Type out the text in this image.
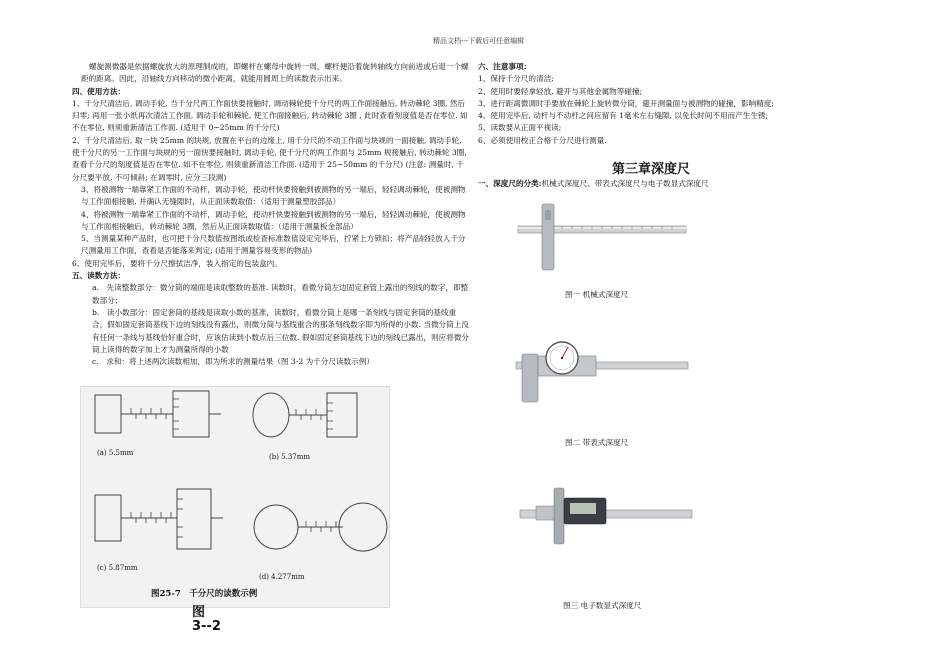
精品文档---下载后可任意编辑

螺旋测微器是依据螺旋放大的原理制成的，即螺杆在螺母中旋转一周，螺杆便沿着旋转轴线方向前进或后退一个螺距的距离。因此，沿轴线方向移动的微小距离，就能用圆周上的读数表示出来。

四、使用方法：

1、千分尺清洁后, 调动手轮, 当千分尺两工作面快要接触时, 调动棘轮使千分尺的两工作面接触后, 转动棘轮 3圈, 然后归零; 再用一张小纸再次清洁工作面, 调动手轮和棘轮, 使工作面接触后, 转动棘轮 3圈 , 此时查看刻度值是否在零位. 如不在零位, 则须重新清洁工作面. (适用于 0~25mm 的千分尺)

2、千分尺清洁后, 取一块 25mm 的块规, 放置在平台的边缘上, 用千分尺的不动工作面与块规的一面接触, 调动手轮, 使千分尺的另一工作面与块规的另一面快要接触时, 调动手轮, 使千分尺的两工作面与 25mm 规接触后, 转动棘轮 3圈, 查看千分尺的刻度值是否在零位. 如不在零位, 则须重新清洁工作面. (适用于 25~50mm 的千分尺) (注意: 测量时, 千分尺要平放, 不可倾斜; 在调零时, 应分三段测)

3、将被测物一端靠紧工作面的不动杆，调动手轮，使动杆快要接触到被测物的另一端后，轻轻调动棘轮，使被测物与工作面相接触, 并确认无缝隙时，从正面读数取值：（适用于测量塑胶部品）

4、将被测物一端靠紧工作面的不动杆，调动手轮，使动杆快要接触到被测物的另一端后，轻轻调动棘轮，使被测物与工作面相接触后，转动棘轮 3圈，然后从正面读数取值：（适用于测量板金部品）

5、当测量某种产品时，也可把千分尺数值按图纸或检查标准数值设定完毕后，拧紧上方锁扣；将产品轻轻放入千分尺测量用工作面，查看是否能落来判定; (适用于测量容易变形的物品)

6、使用完毕后，要将千分尺擦拭洁净，装入指定的包装盒内。

五、读数方法：

a.　先读整数部分：微分筒的端面是读取整数的基准. 读数时，看微分筒左边固定套管上露出的刻线的数字，即整数部分；

b.　读小数部分：固定套筒的基线是读取小数的基准，读数时，看微分筒上是哪一条刻线与固定套筒的基线重合，假如固定套筒基线下边的刻线没有露出，则微分筒与基线重合的那条刻线数字即为所得的小数. 当微分筒上没有任何一条线与基线恰好重合时，应该估读到小数点后三位数. 假如固定套筒基线下边的刻线已露出，则应将微分筒上读得的数字加上才为测量所得的小数

c.　求和：将上述两次读数相加，即为所求的测量结果（图 3-2 为千分尺读数示例）

(a) 5.5mm	(b) 5.37mm
(c) 5.87mm
(d) 4.277mm
图25-7　千分尺的读数示例
图 3--2

六、注意事项：

1、保持千分尺的清洁;

2、使用时要轻拿轻放, 避开与其他金属物等碰撞;

3、进行距离微调时手要放在棘轮上旋转微分筒，避开测量面与被测物的碰撞，影响精度;

4、使用完毕后, 动杆与不动杆之间应留有 1毫米左右缝隙, 以免长时间不用而产生生锈;

5、读数要从正面平视读;

6、必须使用校正合格千分尺进行测量.

第三章深度尺
一、深度尺的分类:机械式深度尺、带表式深度尺与电子数显式深度尺
图一 机械式深度尺
图二 带表式深度尺
图三 电子数显式深度尺
